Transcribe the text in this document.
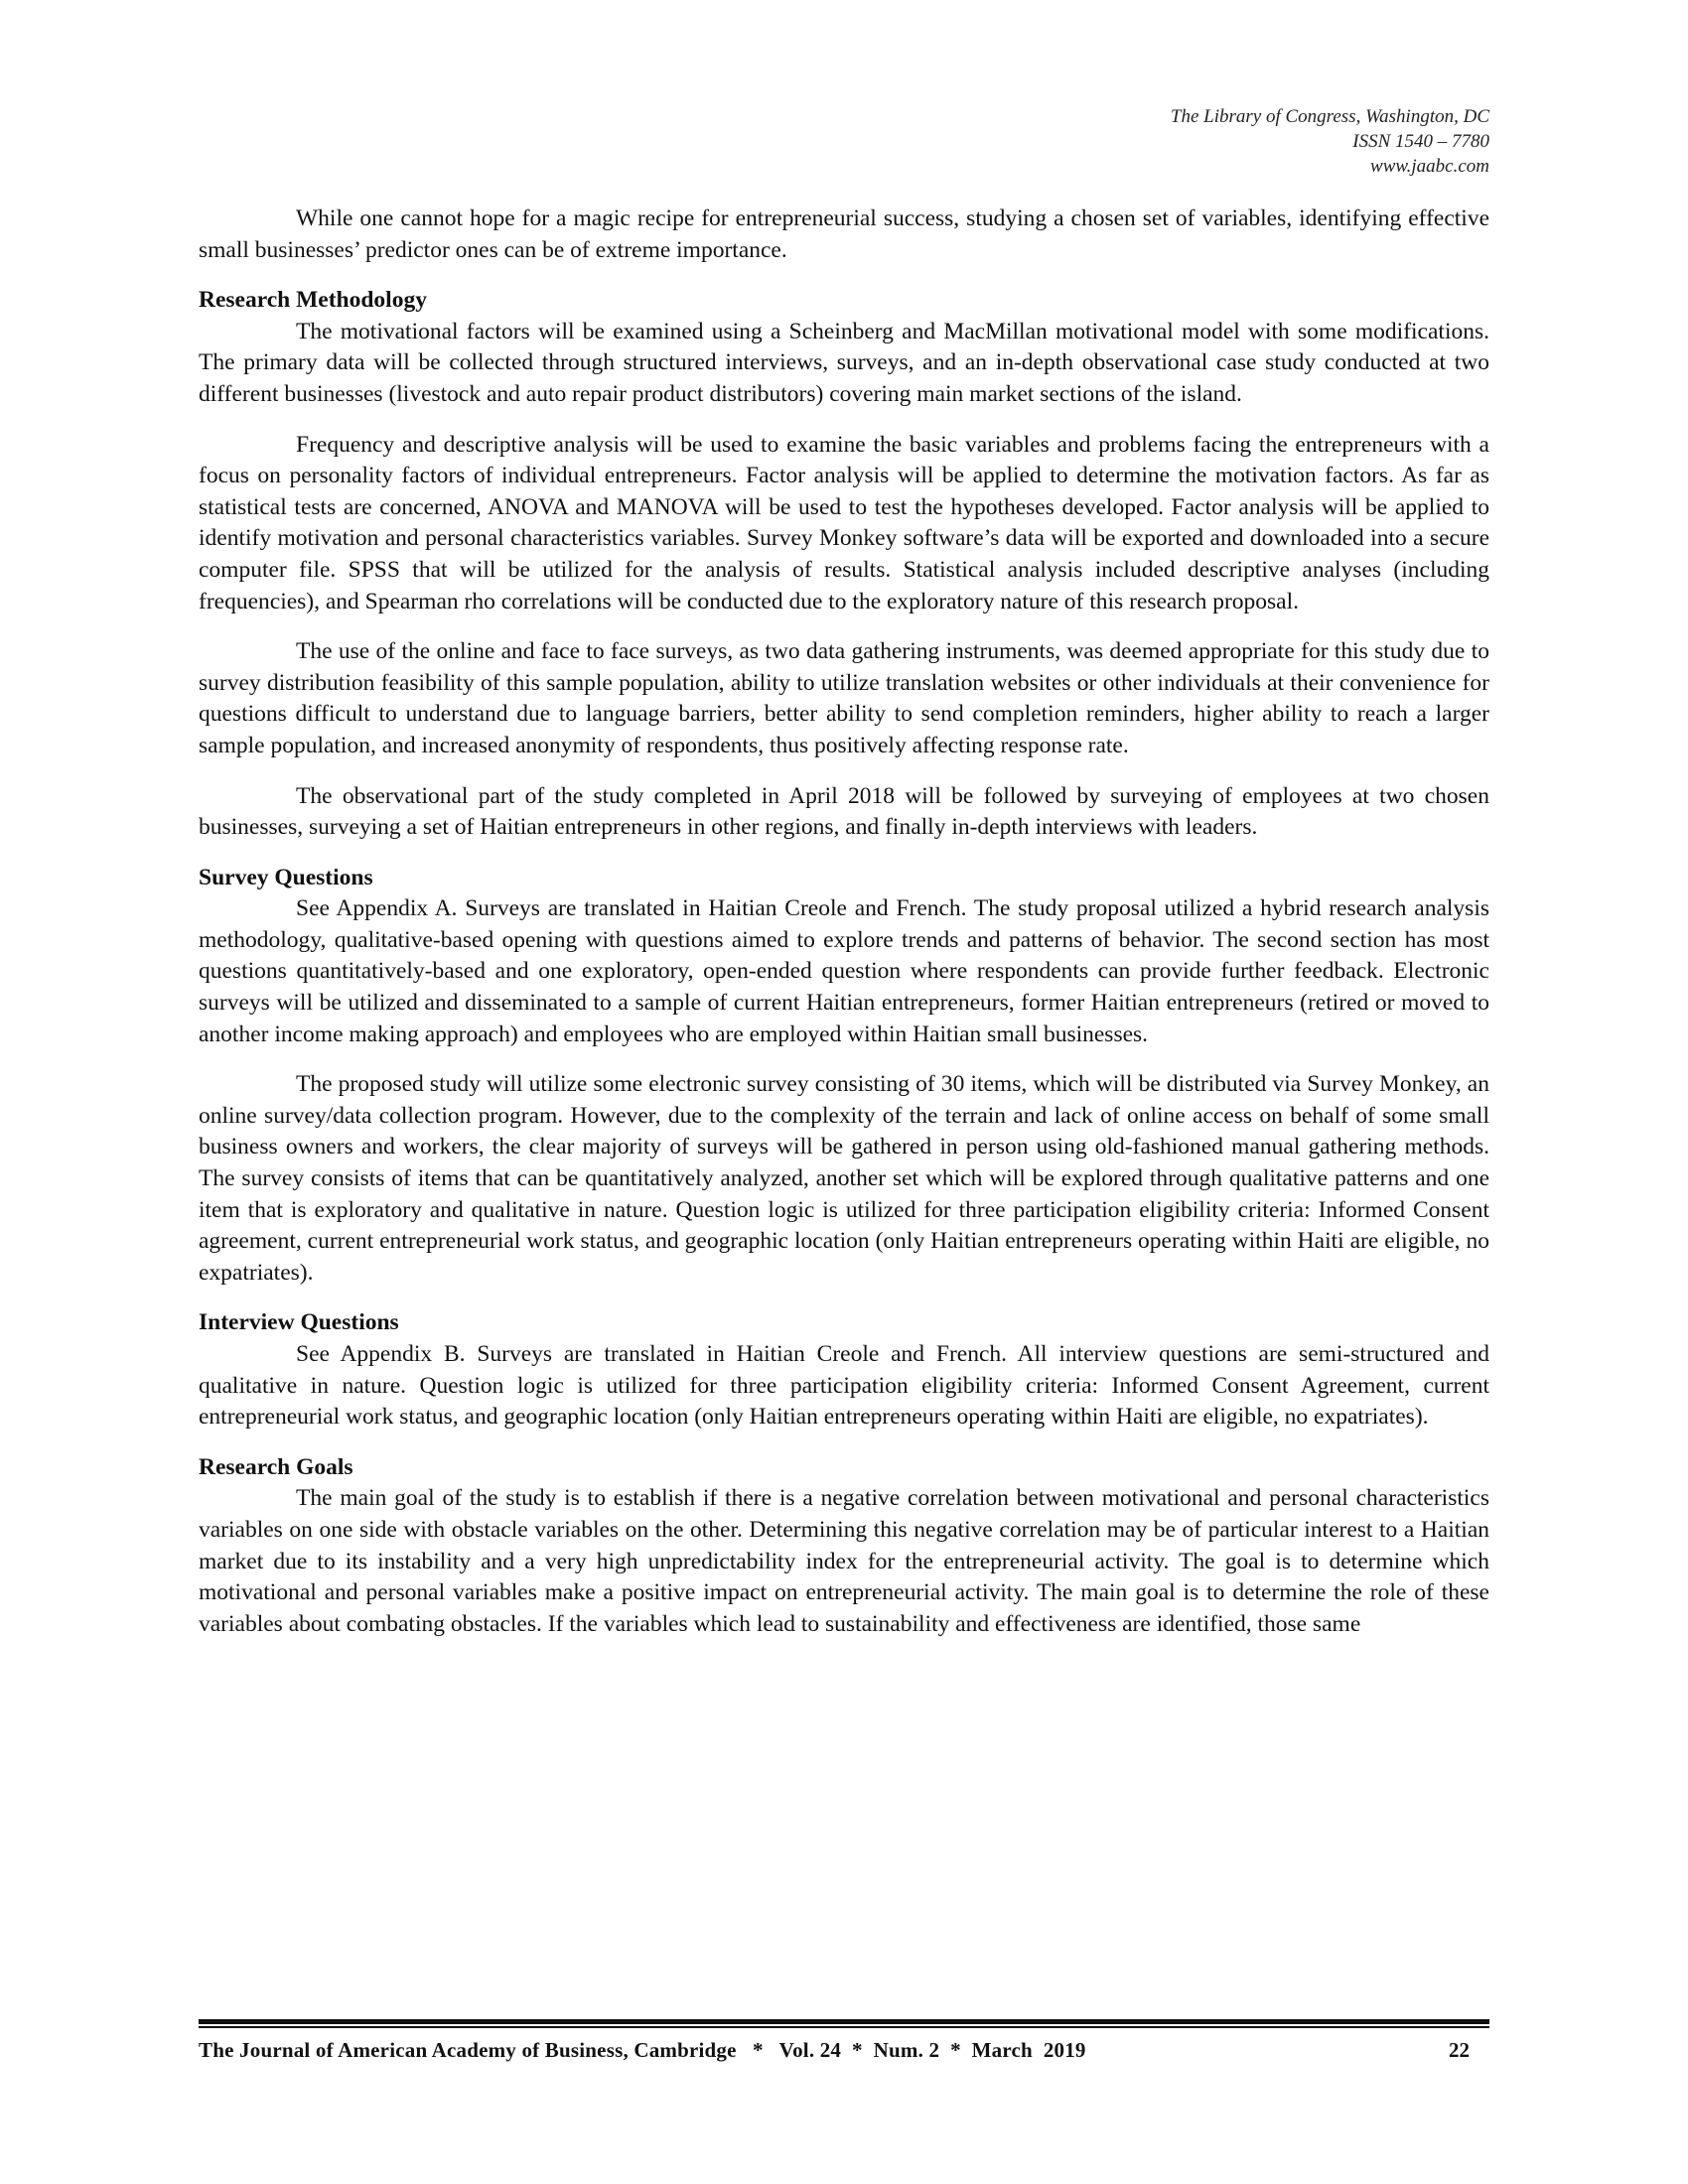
The Library of Congress, Washington, DC
ISSN 1540 – 7780
www.jaabc.com

While one cannot hope for a magic recipe for entrepreneurial success, studying a chosen set of variables, identifying effective small businesses’ predictor ones can be of extreme importance.

Research Methodology

The motivational factors will be examined using a Scheinberg and MacMillan motivational model with some modifications. The primary data will be collected through structured interviews, surveys, and an in-depth observational case study conducted at two different businesses (livestock and auto repair product distributors) covering main market sections of the island.

Frequency and descriptive analysis will be used to examine the basic variables and problems facing the entrepreneurs with a focus on personality factors of individual entrepreneurs. Factor analysis will be applied to determine the motivation factors. As far as statistical tests are concerned, ANOVA and MANOVA will be used to test the hypotheses developed. Factor analysis will be applied to identify motivation and personal characteristics variables. Survey Monkey software’s data will be exported and downloaded into a secure computer file. SPSS that will be utilized for the analysis of results. Statistical analysis included descriptive analyses (including frequencies), and Spearman rho correlations will be conducted due to the exploratory nature of this research proposal.

The use of the online and face to face surveys, as two data gathering instruments, was deemed appropriate for this study due to survey distribution feasibility of this sample population, ability to utilize translation websites or other individuals at their convenience for questions difficult to understand due to language barriers, better ability to send completion reminders, higher ability to reach a larger sample population, and increased anonymity of respondents, thus positively affecting response rate.

The observational part of the study completed in April 2018 will be followed by surveying of employees at two chosen businesses, surveying a set of Haitian entrepreneurs in other regions, and finally in-depth interviews with leaders.

Survey Questions

See Appendix A. Surveys are translated in Haitian Creole and French. The study proposal utilized a hybrid research analysis methodology, qualitative-based opening with questions aimed to explore trends and patterns of behavior. The second section has most questions quantitatively-based and one exploratory, open-ended question where respondents can provide further feedback. Electronic surveys will be utilized and disseminated to a sample of current Haitian entrepreneurs, former Haitian entrepreneurs (retired or moved to another income making approach) and employees who are employed within Haitian small businesses.

The proposed study will utilize some electronic survey consisting of 30 items, which will be distributed via Survey Monkey, an online survey/data collection program. However, due to the complexity of the terrain and lack of online access on behalf of some small business owners and workers, the clear majority of surveys will be gathered in person using old-fashioned manual gathering methods. The survey consists of items that can be quantitatively analyzed, another set which will be explored through qualitative patterns and one item that is exploratory and qualitative in nature. Question logic is utilized for three participation eligibility criteria: Informed Consent agreement, current entrepreneurial work status, and geographic location (only Haitian entrepreneurs operating within Haiti are eligible, no expatriates).

Interview Questions

See Appendix B. Surveys are translated in Haitian Creole and French. All interview questions are semi-structured and qualitative in nature. Question logic is utilized for three participation eligibility criteria: Informed Consent Agreement, current entrepreneurial work status, and geographic location (only Haitian entrepreneurs operating within Haiti are eligible, no expatriates).

Research Goals

The main goal of the study is to establish if there is a negative correlation between motivational and personal characteristics variables on one side with obstacle variables on the other. Determining this negative correlation may be of particular interest to a Haitian market due to its instability and a very high unpredictability index for the entrepreneurial activity. The goal is to determine which motivational and personal variables make a positive impact on entrepreneurial activity. The main goal is to determine the role of these variables about combating obstacles. If the variables which lead to sustainability and effectiveness are identified, those same

The Journal of American Academy of Business, Cambridge   *   Vol. 24  *  Num. 2  *  March  2019	22
